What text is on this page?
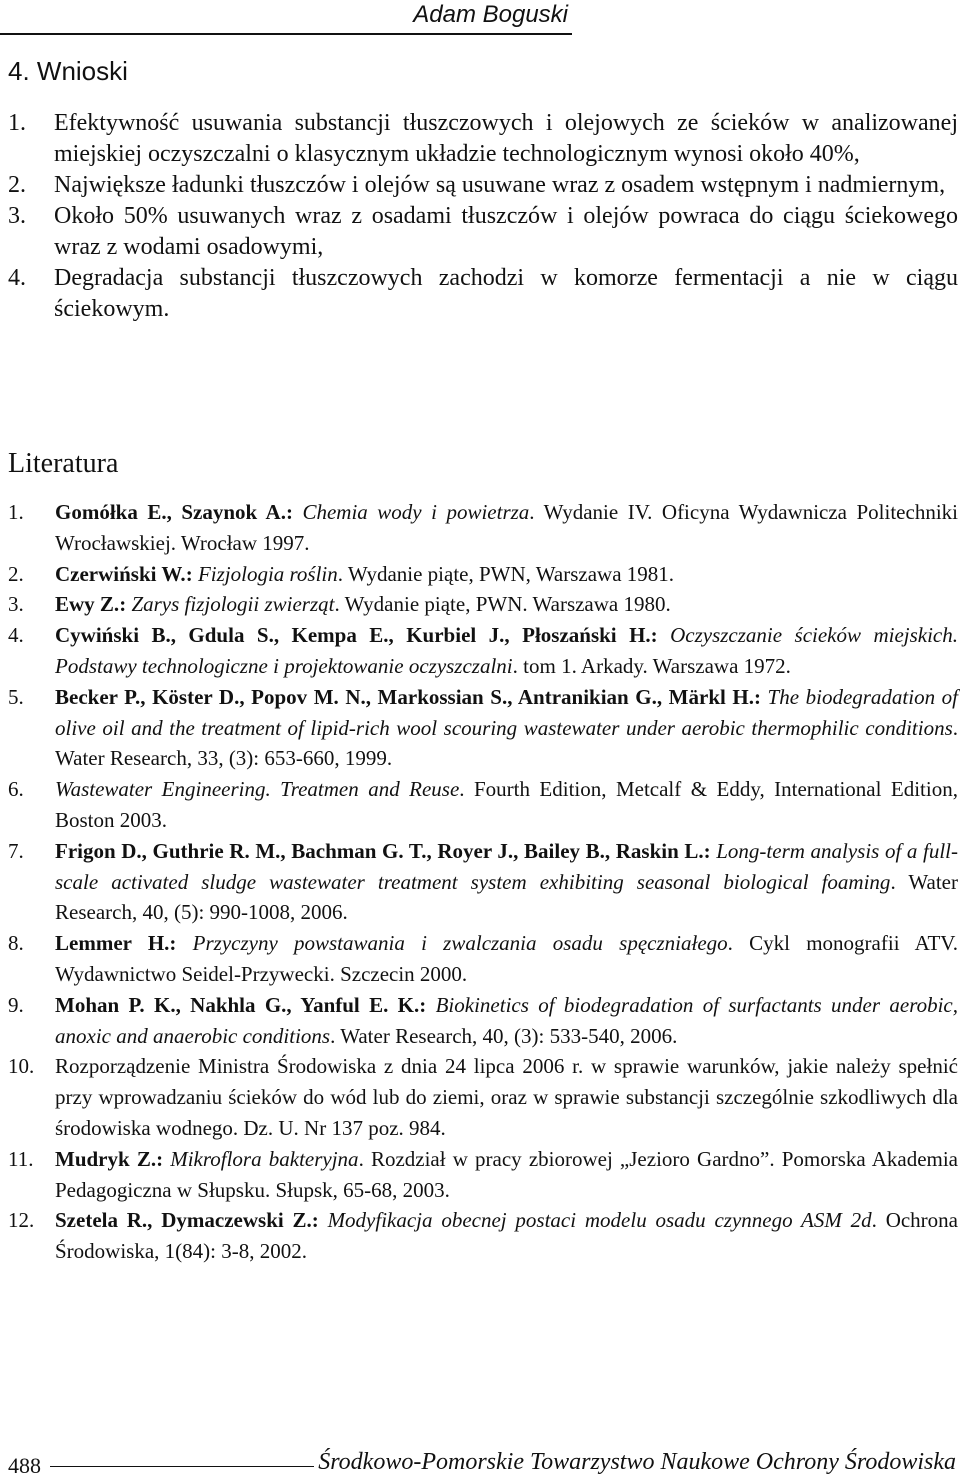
Adam Boguski
4. Wnioski
1.	Efektywność usuwania substancji tłuszczowych i olejowych ze ścieków w analizowanej miejskiej oczyszczalni o klasycznym układzie technologicznym wynosi około 40%,
2.	Największe ładunki tłuszczów i olejów są usuwane wraz z osadem wstępnym i nadmiernym,
3.	Około 50% usuwanych wraz z osadami tłuszczów i olejów powraca do ciągu ściekowego wraz z wodami osadowymi,
4.	Degradacja substancji tłuszczowych zachodzi w komorze fermentacji a nie w ciągu ściekowym.
Literatura
1.	Gomółka E., Szaynok A.: Chemia wody i powietrza. Wydanie IV. Oficyna Wydawnicza Politechniki Wrocławskiej. Wrocław 1997.
2.	Czerwiński W.: Fizjologia roślin. Wydanie piąte, PWN, Warszawa 1981.
3.	Ewy Z.: Zarys fizjologii zwierząt. Wydanie piąte, PWN. Warszawa 1980.
4.	Cywiński B., Gdula S., Kempa E., Kurbiel J., Płoszański H.: Oczyszczanie ścieków miejskich. Podstawy technologiczne i projektowanie oczyszczalni. tom 1. Arkady. Warszawa 1972.
5.	Becker P., Köster D., Popov M. N., Markossian S., Antranikian G., Märkl H.: The biodegradation of olive oil and the treatment of lipid-rich wool scouring wastewater under aerobic thermophilic conditions. Water Research, 33, (3): 653-660, 1999.
6.	Wastewater Engineering. Treatmen and Reuse. Fourth Edition, Metcalf & Eddy, International Edition, Boston 2003.
7.	Frigon D., Guthrie R. M., Bachman G. T., Royer J., Bailey B., Raskin L.: Long-term analysis of a full-scale activated sludge wastewater treatment system exhibiting seasonal biological foaming. Water Research, 40, (5): 990-1008, 2006.
8.	Lemmer H.: Przyczyny powstawania i zwalczania osadu spęczniałego. Cykl monografii ATV. Wydawnictwo Seidel-Przywecki. Szczecin 2000.
9.	Mohan P. K., Nakhla G., Yanful E. K.: Biokinetics of biodegradation of surfactants under aerobic, anoxic and anaerobic conditions. Water Research, 40, (3): 533-540, 2006.
10. Rozporządzenie Ministra Środowiska z dnia 24 lipca 2006 r. w sprawie warunków, jakie należy spełnić przy wprowadzaniu ścieków do wód lub do ziemi, oraz w sprawie substancji szczególnie szkodliwych dla środowiska wodnego. Dz. U. Nr 137 poz. 984.
11.	Mudryk Z.: Mikroflora bakteryjna. Rozdział w pracy zbiorowej „Jezioro Gardno”. Pomorska Akademia Pedagogiczna w Słupsku. Słupsk, 65-68, 2003.
12. Szetela R., Dymaczewski Z.: Modyfikacja obecnej postaci modelu osadu czynnego ASM 2d. Ochrona Środowiska, 1(84): 3-8, 2002.
488	Środkowo-Pomorskie Towarzystwo Naukowe Ochrony Środowiska
